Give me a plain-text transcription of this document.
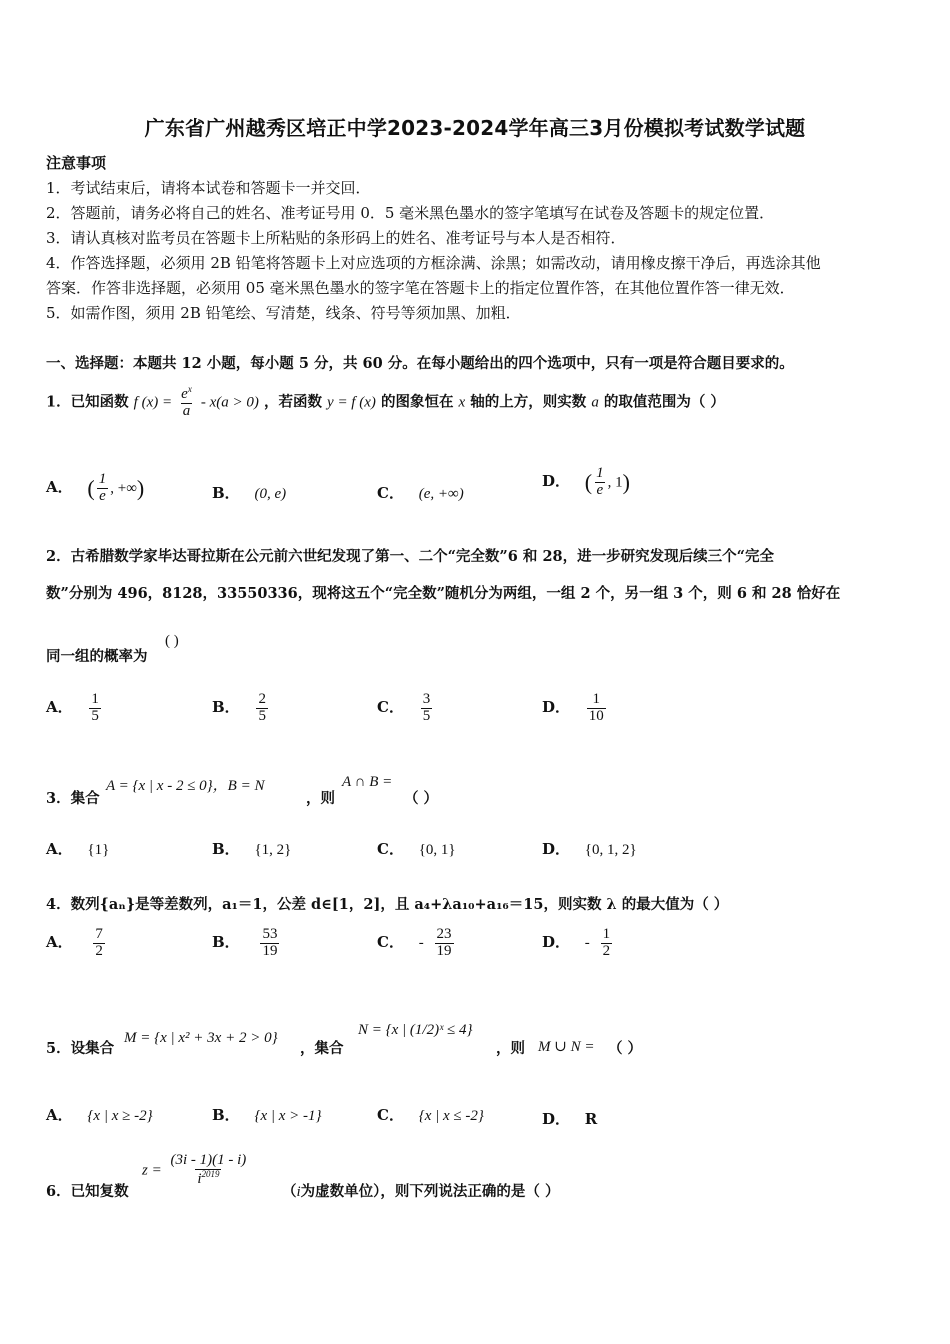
广东省广州越秀区培正中学2023-2024学年高三3月份模拟考试数学试题
注意事项
1．考试结束后，请将本试卷和答题卡一并交回．
2．答题前，请务必将自己的姓名、准考证号用 0．5 毫米黑色墨水的签字笔填写在试卷及答题卡的规定位置．
3．请认真核对监考员在答题卡上所粘贴的条形码上的姓名、准考证号与本人是否相符．
4．作答选择题，必须用 2B 铅笔将答题卡上对应选项的方框涂满、涂黑；如需改动，请用橡皮擦干净后，再选涂其他
答案．作答非选择题，必须用 05 毫米黑色墨水的签字笔在答题卡上的指定位置作答，在其他位置作答一律无效．
5．如需作图，须用 2B 铅笔绘、写清楚，线条、符号等须加黑、加粗．
一、选择题：本题共 12 小题，每小题 5 分，共 60 分。在每小题给出的四个选项中，只有一项是符合题目要求的。
1．已知函数 f $(x) = \frac{e^x}{a} - x(a > 0)$ ，若函数 y = f (x) 的图象恒在 x 轴的上方，则实数 a 的取值范围为（ ）
A． ( $\frac{1}{e}$ , +∞)	B． (0, e)	C． (e, +∞)
D． ( $\frac{1}{e}$ , 1)
2．古希腊数学家毕达哥拉斯在公元前六世纪发现了第一、二个“完全数”6 和 28，进一步研究发现后续三个“完全
数”分别为 496，8128，33550336，现将这五个“完全数”随机分为两组，一组 2 个，另一组 3 个，则 6 和 28 恰好在
同一组的概率为
( )
A． $\frac{1}{5}$	B． $\frac{2}{5}$	C． $\frac{3}{5}$	D． $\frac{1}{10}$
3．集合
A = {x | x - 2 ≤ 0}，B = N
，则
A ∩ B =
（ ）
A． {1}	B． {1, 2}	C． {0, 1}	D． {0, 1, 2}
4．数列{aₙ}是等差数列，a₁＝1，公差 d∈[1，2]，且 a₄+λa₁₀+a₁₆＝15，则实数 λ 的最大值为（ ）
A． $\frac{7}{2}$	B． $\frac{53}{19}$	C． - $\frac{23}{19}$	D． - $\frac{1}{2}$
5．设集合
M = {x | x² + 3x + 2 > 0}
，集合
N = {x | (1/2)ˣ ≤ 4}
，则 M ∪ N = （ ）
A． {x | x ≥ -2}	B． {x | x > -1}	C． {x | x ≤ -2}	D． R
6．已知复数
$z = \frac{(3i - 1)(1 - i)}{i^{2019}}$
（i为虚数单位），则下列说法正确的是（ ）
